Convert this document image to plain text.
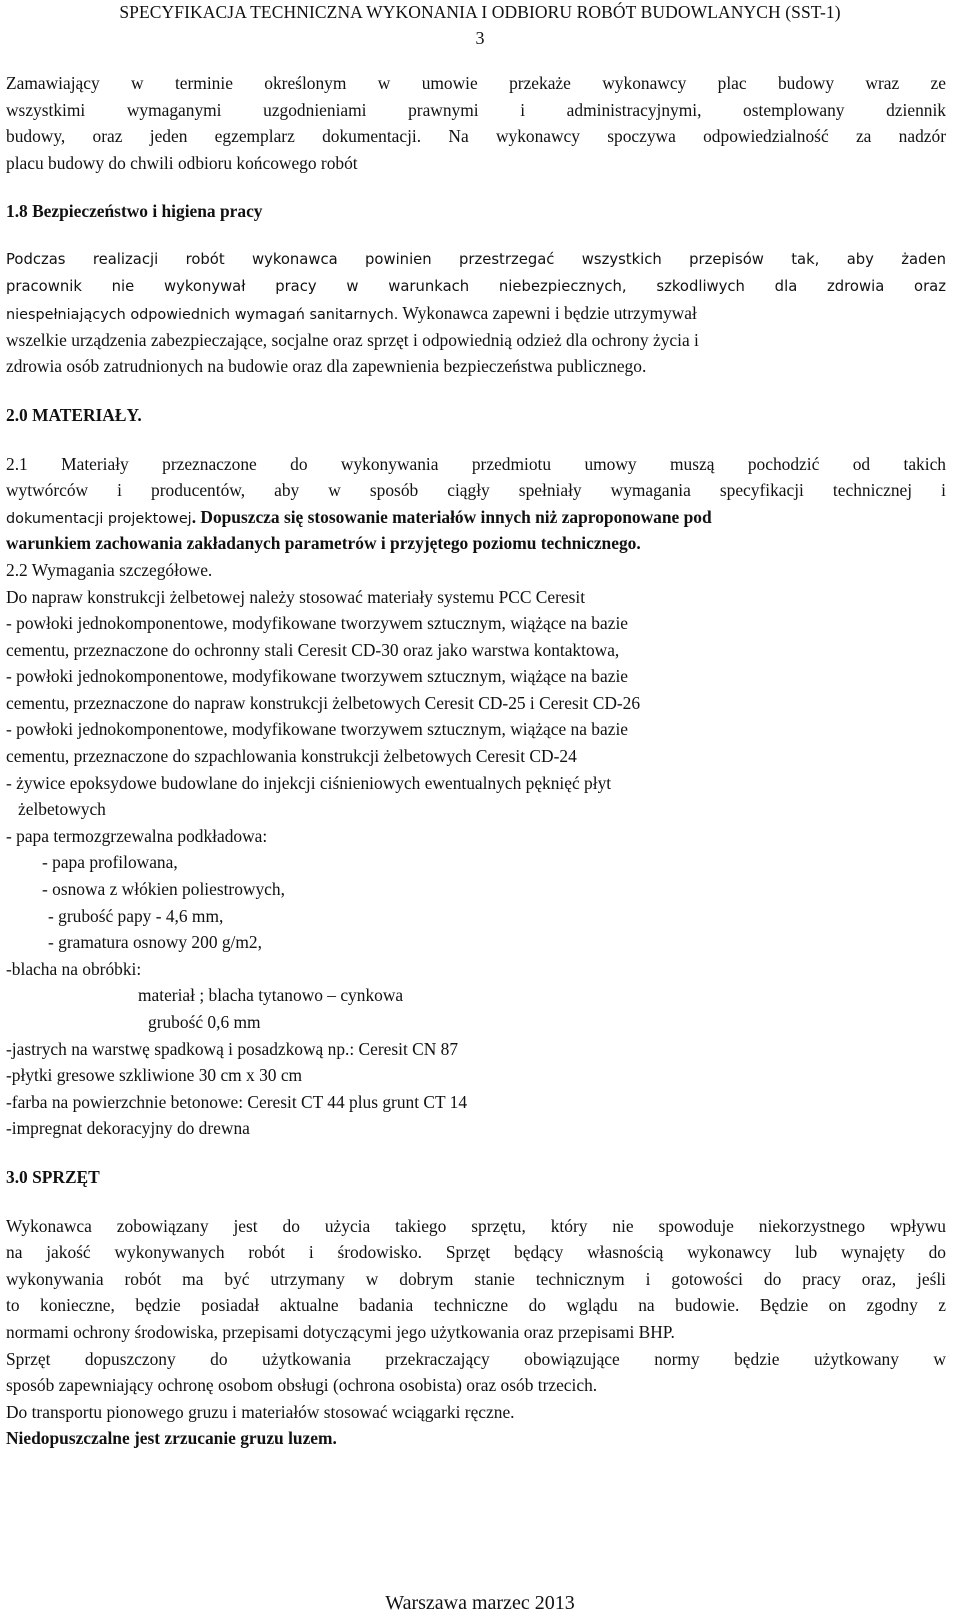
SPECYFIKACJA TECHNICZNA WYKONANIA I ODBIORU ROBÓT BUDOWLANYCH (SST-1)
3
Zamawiający w terminie określonym w umowie przekaże wykonawcy plac budowy wraz ze
wszystkimi wymaganymi uzgodnieniami prawnymi i administracyjnymi, ostemplowany dziennik
budowy, oraz jeden egzemplarz dokumentacji. Na wykonawcy spoczywa odpowiedzialność za nadzór
placu budowy do chwili odbioru końcowego robót
1.8 Bezpieczeństwo i higiena pracy
Podczas realizacji robót wykonawca powinien przestrzegać wszystkich przepisów tak, aby żaden
pracownik nie wykonywał pracy w warunkach niebezpiecznych, szkodliwych dla zdrowia oraz
niespełniających odpowiednich wymagań sanitarnych. Wykonawca zapewni i będzie utrzymywał
wszelkie urządzenia zabezpieczające, socjalne oraz sprzęt i odpowiednią odzież dla ochrony życia i
zdrowia osób zatrudnionych na budowie oraz dla zapewnienia bezpieczeństwa publicznego.
2.0 MATERIAŁY.
2.1 Materiały przeznaczone do wykonywania przedmiotu umowy muszą pochodzić od takich
wytwórców i producentów, aby w sposób ciągły spełniały wymagania specyfikacji technicznej i
dokumentacji projektowej. Dopuszcza się stosowanie materiałów innych niż zaproponowane pod
warunkiem zachowania zakładanych parametrów i przyjętego poziomu technicznego.
2.2 Wymagania szczegółowe.
Do napraw konstrukcji żelbetowej należy stosować materiały systemu PCC Ceresit
- powłoki jednokomponentowe, modyfikowane tworzywem sztucznym, wiążące na bazie
cementu, przeznaczone do ochronny stali Ceresit CD-30 oraz jako warstwa kontaktowa,
- powłoki jednokomponentowe, modyfikowane tworzywem sztucznym, wiążące na bazie
cementu, przeznaczone do napraw konstrukcji żelbetowych Ceresit CD-25 i Ceresit CD-26
- powłoki jednokomponentowe, modyfikowane tworzywem sztucznym, wiążące na bazie
cementu, przeznaczone do szpachlowania konstrukcji żelbetowych Ceresit CD-24
- żywice epoksydowe budowlane do injekcji ciśnieniowych ewentualnych pęknięć płyt
żelbetowych
- papa termozgrzewalna podkładowa:
- papa profilowana,
- osnowa z włókien poliestrowych,
- grubość papy - 4,6 mm,
- gramatura osnowy 200 g/m2,
-blacha na obróbki:
materiał ; blacha tytanowo – cynkowa
grubość 0,6 mm
-jastrych na warstwę spadkową i posadzkową np.: Ceresit CN 87
-płytki gresowe szkliwione 30 cm x 30 cm
-farba na powierzchnie betonowe: Ceresit CT 44 plus grunt CT 14
-impregnat dekoracyjny do drewna
3.0 SPRZĘT
Wykonawca zobowiązany jest do użycia takiego sprzętu, który nie spowoduje niekorzystnego wpływu
na jakość wykonywanych robót i środowisko. Sprzęt będący własnością wykonawcy lub wynajęty do
wykonywania robót ma być utrzymany w dobrym stanie technicznym i gotowości do pracy oraz, jeśli
to konieczne, będzie posiadał aktualne badania techniczne do wglądu na budowie. Będzie on zgodny z
normami ochrony środowiska, przepisami dotyczącymi jego użytkowania oraz przepisami BHP.
Sprzęt dopuszczony do użytkowania przekraczający obowiązujące normy będzie użytkowany w
sposób zapewniający ochronę osobom obsługi (ochrona osobista) oraz osób trzecich.
Do transportu pionowego gruzu i materiałów stosować wciągarki ręczne.
Niedopuszczalne jest zrzucanie gruzu luzem.
Warszawa marzec 2013
